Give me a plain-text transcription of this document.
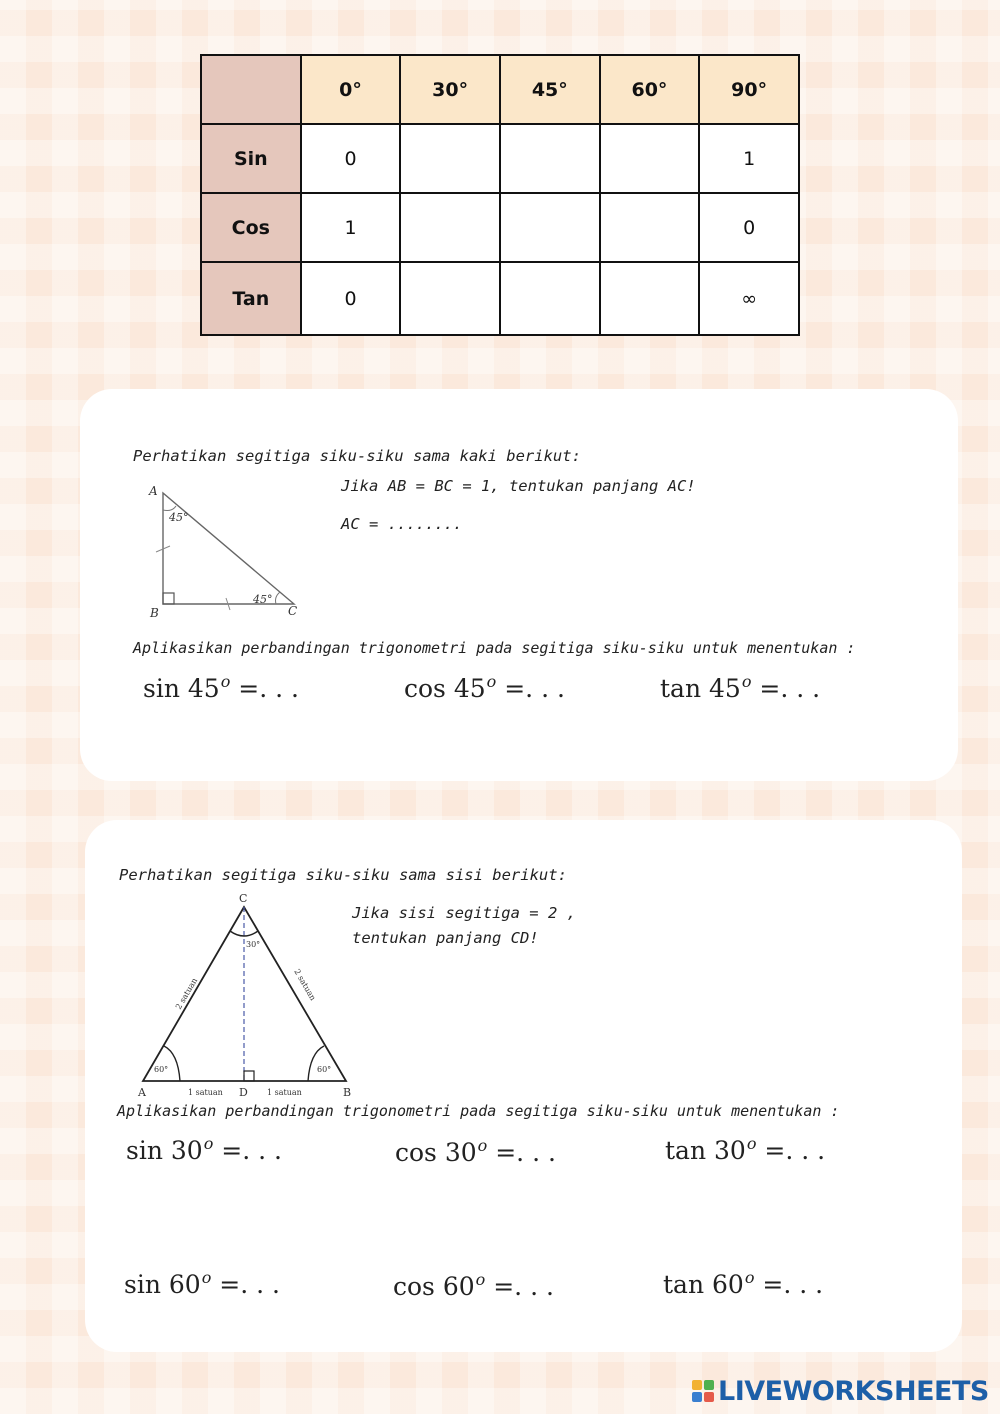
	0°	30°	45°	60°	90°
Sin	0				1
Cos	1				0
Tan	0				∞
Perhatikan segitiga siku-siku sama kaki berikut:
A
B	C
45°
45°
Jika AB = BC = 1, tentukan panjang AC!
AC = ........
Aplikasikan perbandingan trigonometri pada segitiga siku-siku untuk menentukan :
$\sin 45^o$ =. . .	$\cos 45^o$ =. . .	$\tan 45^o$ =. . .
Perhatikan segitiga siku-siku sama sisi berikut:
C
A	D	B
30°
60°	60°
2 satuan	2 satuan
1 satuan	1 satuan
Jika sisi segitiga = 2 ,
tentukan panjang CD!
Aplikasikan perbandingan trigonometri pada segitiga siku-siku untuk menentukan :
$\sin 30^o$ =. . .	$\cos 30^o$ =. . .	$\tan 30^o$ =. . .
$\sin 60^o$ =. . .	$\cos 60^o$ =. . .	$\tan 60^o$ =. . .
LIVEWORKSHEETS
